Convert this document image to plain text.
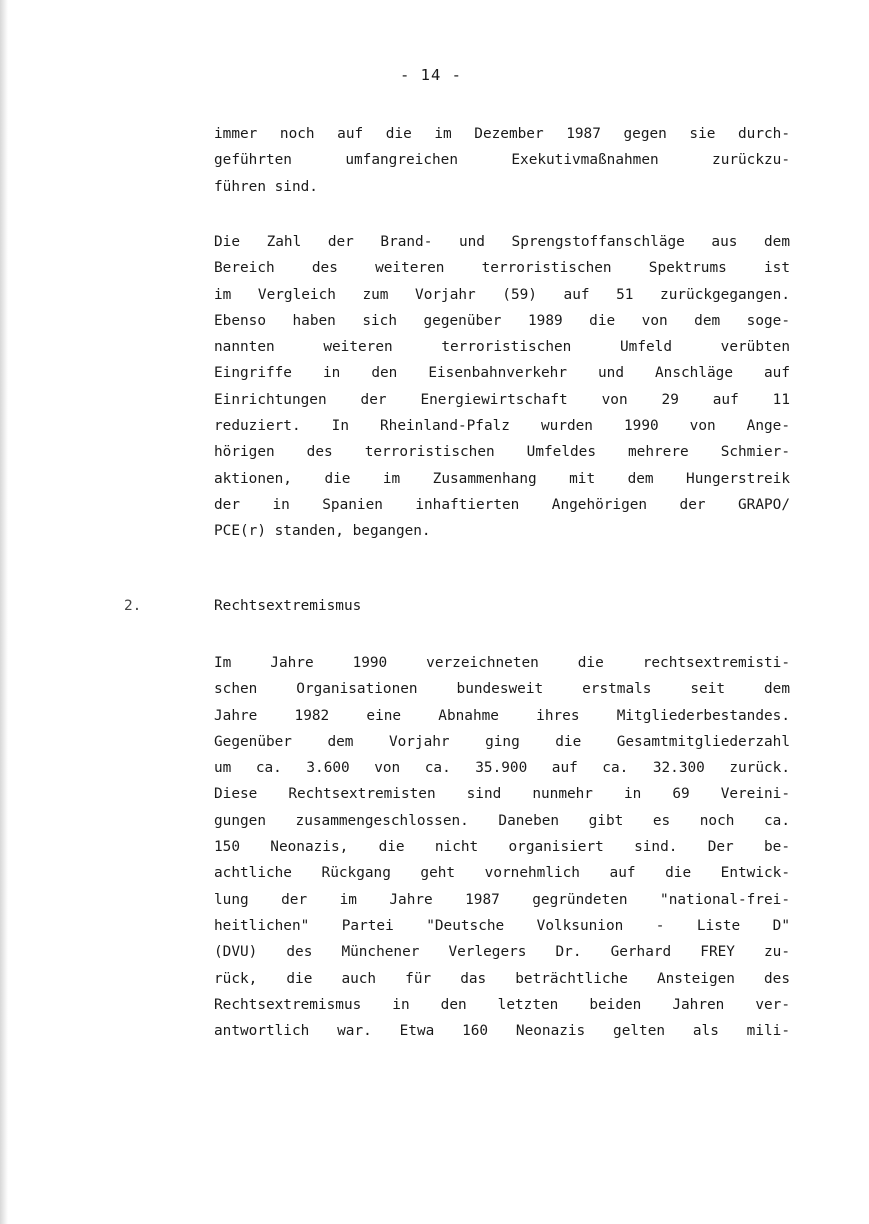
- 14 -
immer noch auf die im Dezember 1987 gegen sie durch-
geführten umfangreichen Exekutivmaßnahmen zurückzu-
führen sind.
Die Zahl der Brand- und Sprengstoffanschläge aus dem
Bereich des weiteren terroristischen Spektrums ist
im Vergleich zum Vorjahr (59) auf 51 zurückgegangen.
Ebenso haben sich gegenüber 1989 die von dem soge-
nannten weiteren terroristischen Umfeld verübten
Eingriffe in den Eisenbahnverkehr und Anschläge auf
Einrichtungen der Energiewirtschaft von 29 auf 11
reduziert. In Rheinland-Pfalz wurden 1990 von Ange-
hörigen des terroristischen Umfeldes mehrere Schmier-
aktionen, die im Zusammenhang mit dem Hungerstreik
der in Spanien inhaftierten Angehörigen der GRAPO/
PCE(r) standen, begangen.
2.	Rechtsextremismus
Im Jahre 1990 verzeichneten die rechtsextremisti-
schen Organisationen bundesweit erstmals seit dem
Jahre 1982 eine Abnahme ihres Mitgliederbestandes.
Gegenüber dem Vorjahr ging die Gesamtmitgliederzahl
um ca. 3.600 von ca. 35.900 auf ca. 32.300 zurück.
Diese Rechtsextremisten sind nunmehr in 69 Vereini-
gungen zusammengeschlossen. Daneben gibt es noch ca.
150 Neonazis, die nicht organisiert sind. Der be-
achtliche Rückgang geht vornehmlich auf die Entwick-
lung der im Jahre 1987 gegründeten "national-frei-
heitlichen" Partei "Deutsche Volksunion - Liste D"
(DVU) des Münchener Verlegers Dr. Gerhard FREY zu-
rück, die auch für das beträchtliche Ansteigen des
Rechtsextremismus in den letzten beiden Jahren ver-
antwortlich war. Etwa 160 Neonazis gelten als mili-
